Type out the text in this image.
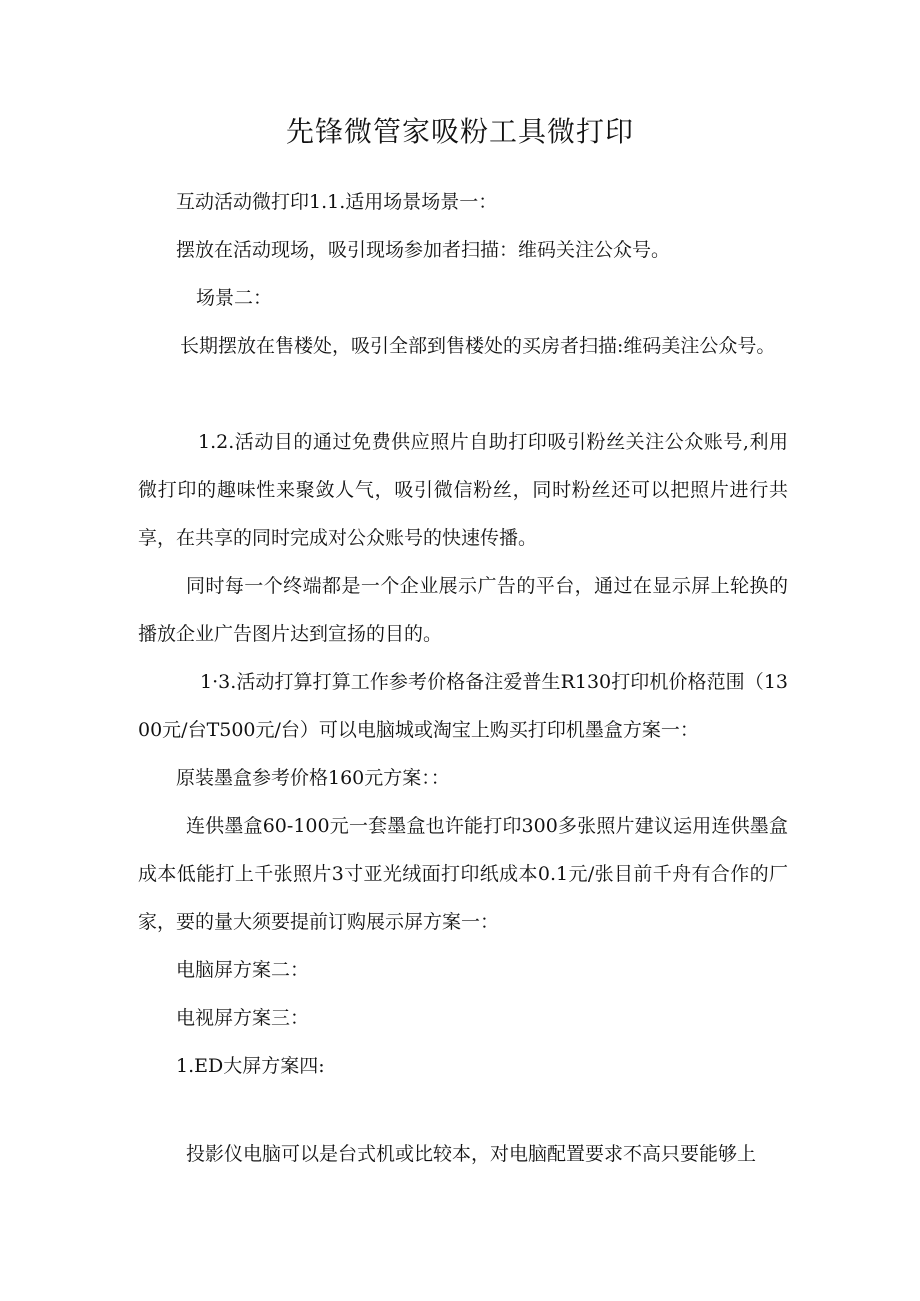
先锋微管家吸粉工具微打印
互动活动微打印1.1.适用场景场景一：
摆放在活动现场，吸引现场参加者扫描：维码关注公众号。
场景二：
长期摆放在售楼处，吸引全部到售楼处的买房者扫描:维码美注公众号。
1.2.活动目的通过免费供应照片自助打印吸引粉丝关注公众账号,利用微打印的趣味性来聚敛人气，吸引微信粉丝，同时粉丝还可以把照片进行共享，在共享的同时完成对公众账号的快速传播。
同时每一个终端都是一个企业展示广告的平台，通过在显示屏上轮换的播放企业广告图片达到宣扬的目的。
1·3.活动打算打算工作参考价格备注爱普生R130打印机价格范围（1300元/台T500元/台）可以电脑城或淘宝上购买打印机墨盒方案一：
原装墨盒参考价格160元方案：：
连供墨盒60-100元一套墨盒也许能打印300多张照片建议运用连供墨盒成本低能打上千张照片3寸亚光绒面打印纸成本0.1元/张目前千舟有合作的厂家，要的量大须要提前订购展示屏方案一：
电脑屏方案二：
电视屏方案三：
1.ED大屏方案四:
投影仪电脑可以是台式机或比较本，对电脑配置要求不高只要能够上
